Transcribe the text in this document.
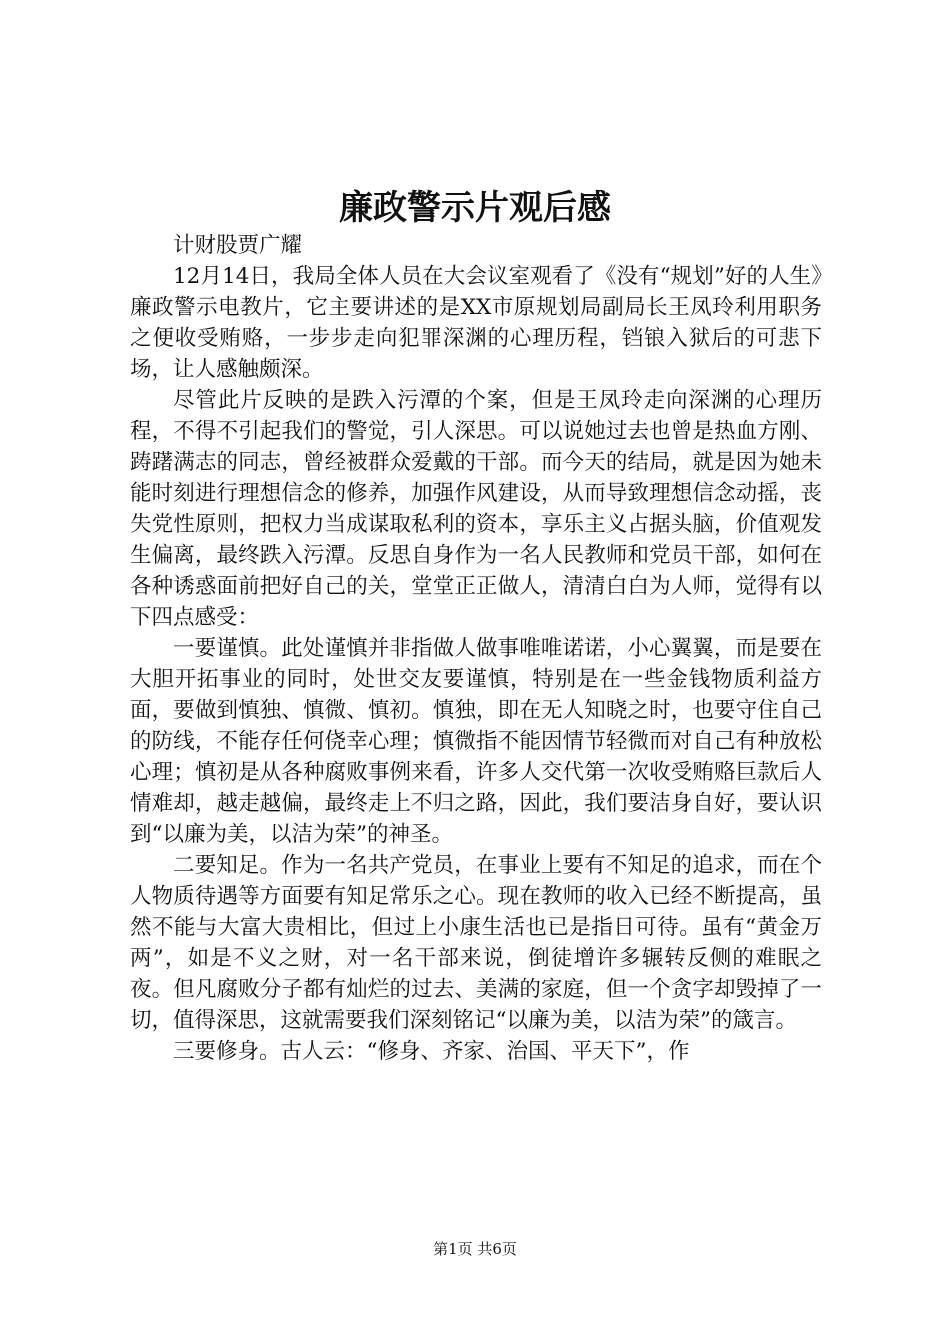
廉政警示片观后感

计财股贾广耀

12月14日，我局全体人员在大会议室观看了《没有“规划”好的人生》廉政警示电教片，它主要讲述的是XX市原规划局副局长王凤玲利用职务之便收受贿赂，一步步走向犯罪深渊的心理历程，铛锒入狱后的可悲下场，让人感触颇深。

尽管此片反映的是跌入污潭的个案，但是王凤玲走向深渊的心理历程，不得不引起我们的警觉，引人深思。可以说她过去也曾是热血方刚、踌躇满志的同志，曾经被群众爱戴的干部。而今天的结局，就是因为她未能时刻进行理想信念的修养，加强作风建设，从而导致理想信念动摇，丧失党性原则，把权力当成谋取私利的资本，享乐主义占据头脑，价值观发生偏离，最终跌入污潭。反思自身作为一名人民教师和党员干部，如何在各种诱惑面前把好自己的关，堂堂正正做人，清清白白为人师，觉得有以下四点感受：

一要谨慎。此处谨慎并非指做人做事唯唯诺诺，小心翼翼，而是要在大胆开拓事业的同时，处世交友要谨慎，特别是在一些金钱物质利益方面，要做到慎独、慎微、慎初。慎独，即在无人知晓之时，也要守住自己的防线，不能存任何侥幸心理；慎微指不能因情节轻微而对自己有种放松心理；慎初是从各种腐败事例来看，许多人交代第一次收受贿赂巨款后人情难却，越走越偏，最终走上不归之路，因此，我们要洁身自好，要认识到“以廉为美，以洁为荣”的神圣。

二要知足。作为一名共产党员，在事业上要有不知足的追求，而在个人物质待遇等方面要有知足常乐之心。现在教师的收入已经不断提高，虽然不能与大富大贵相比，但过上小康生活也已是指日可待。虽有“黄金万两”，如是不义之财，对一名干部来说，倒徒增许多辗转反侧的难眠之夜。但凡腐败分子都有灿烂的过去、美满的家庭，但一个贪字却毁掉了一切，值得深思，这就需要我们深刻铭记“以廉为美，以洁为荣”的箴言。

三要修身。古人云：“修身、齐家、治国、平天下”，作

第1页 共6页
